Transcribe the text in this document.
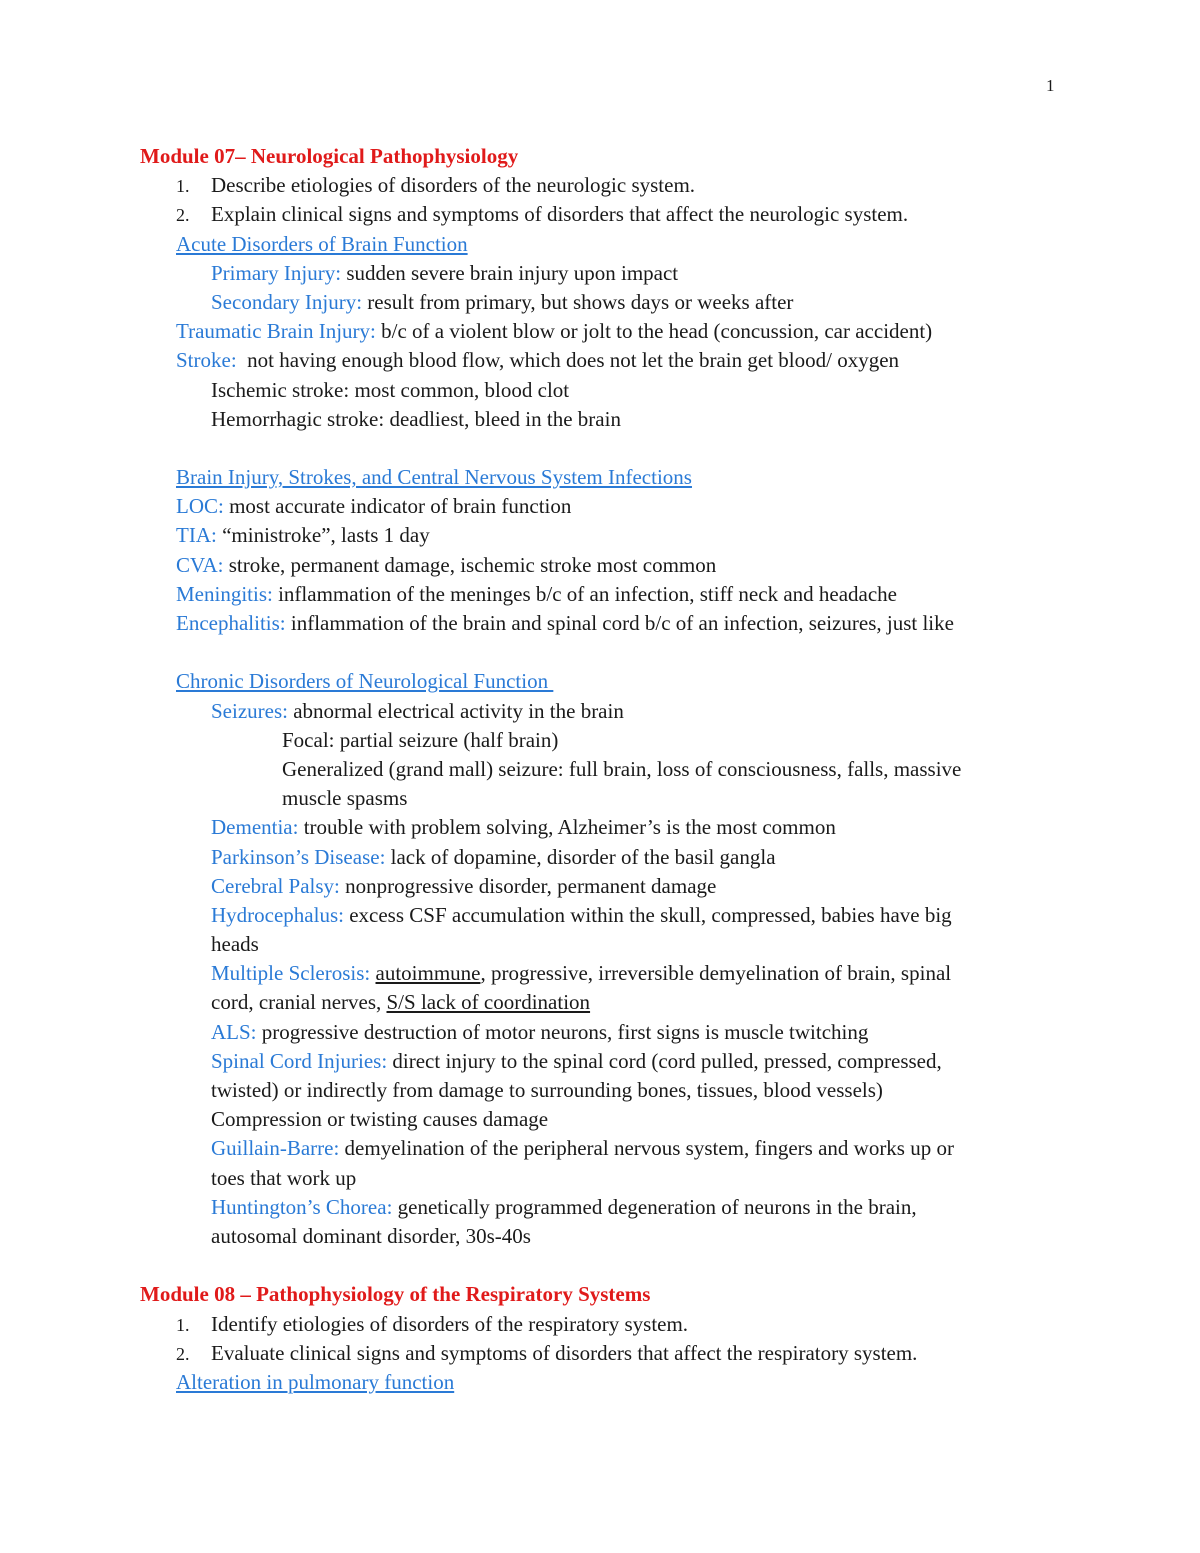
1
Module 07– Neurological Pathophysiology
1. Describe etiologies of disorders of the neurologic system.
2. Explain clinical signs and symptoms of disorders that affect the neurologic system.
Acute Disorders of Brain Function
Primary Injury: sudden severe brain injury upon impact
Secondary Injury: result from primary, but shows days or weeks after
Traumatic Brain Injury: b/c of a violent blow or jolt to the head (concussion, car accident)
Stroke:  not having enough blood flow, which does not let the brain get blood/ oxygen
Ischemic stroke: most common, blood clot
Hemorrhagic stroke: deadliest, bleed in the brain
Brain Injury, Strokes, and Central Nervous System Infections
LOC: most accurate indicator of brain function
TIA: “ministroke”, lasts 1 day
CVA: stroke, permanent damage, ischemic stroke most common
Meningitis: inflammation of the meninges b/c of an infection, stiff neck and headache
Encephalitis: inflammation of the brain and spinal cord b/c of an infection, seizures, just like
Chronic Disorders of Neurological Function
Seizures: abnormal electrical activity in the brain
Focal: partial seizure (half brain)
Generalized (grand mall) seizure: full brain, loss of consciousness, falls, massive
muscle spasms
Dementia: trouble with problem solving, Alzheimer’s is the most common
Parkinson’s Disease: lack of dopamine, disorder of the basil gangla
Cerebral Palsy: nonprogressive disorder, permanent damage
Hydrocephalus: excess CSF accumulation within the skull, compressed, babies have big
heads
Multiple Sclerosis: autoimmune, progressive, irreversible demyelination of brain, spinal
cord, cranial nerves, S/S lack of coordination
ALS: progressive destruction of motor neurons, first signs is muscle twitching
Spinal Cord Injuries: direct injury to the spinal cord (cord pulled, pressed, compressed,
twisted) or indirectly from damage to surrounding bones, tissues, blood vessels)
Compression or twisting causes damage
Guillain-Barre: demyelination of the peripheral nervous system, fingers and works up or
toes that work up
Huntington’s Chorea: genetically programmed degeneration of neurons in the brain,
autosomal dominant disorder, 30s-40s
Module 08 – Pathophysiology of the Respiratory Systems
1. Identify etiologies of disorders of the respiratory system.
2. Evaluate clinical signs and symptoms of disorders that affect the respiratory system.
Alteration in pulmonary function
